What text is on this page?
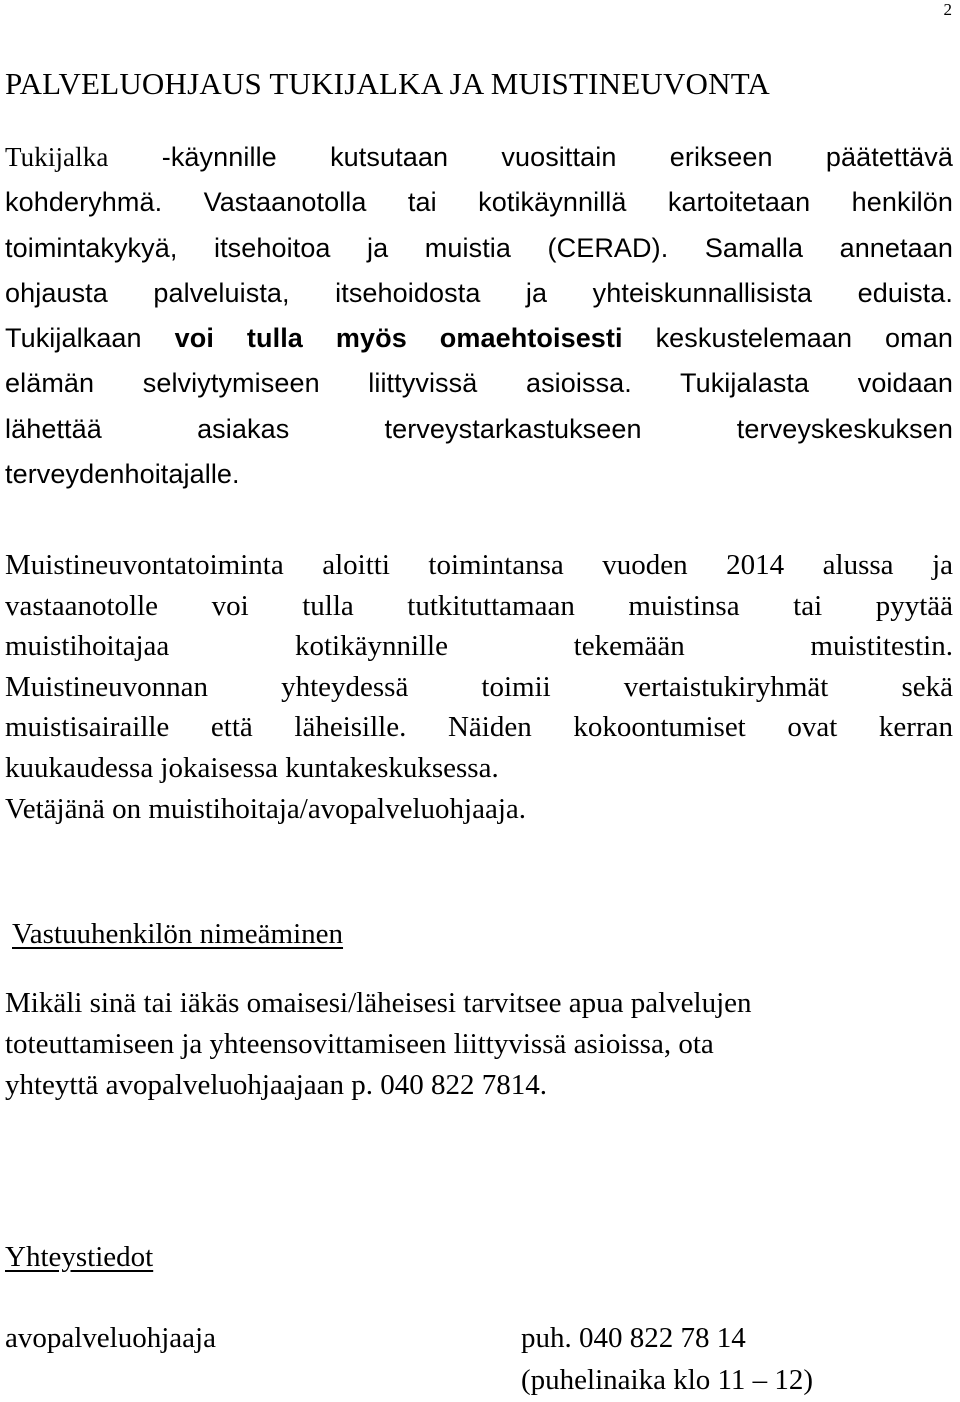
2
PALVELUOHJAUS TUKIJALKA JA MUISTINEUVONTA
Tukijalka -käynnille kutsutaan vuosittain erikseen päätettävä
kohderyhmä. Vastaanotolla tai kotikäynnillä kartoitetaan henkilön
toimintakykyä, itsehoitoa ja muistia (CERAD). Samalla annetaan
ohjausta palveluista, itsehoidosta ja yhteiskunnallisista eduista.
Tukijalkaan voi tulla myös omaehtoisesti keskustelemaan oman
elämän selviytymiseen liittyvissä asioissa. Tukijalasta voidaan
lähettää asiakas terveystarkastukseen terveyskeskuksen
terveydenhoitajalle.
Muistineuvontatoiminta aloitti toimintansa vuoden 2014 alussa ja
vastaanotolle voi tulla tutkituttamaan muistinsa tai pyytää
muistihoitajaa kotikäynnille tekemään muistitestin.
Muistineuvonnan yhteydessä toimii vertaistukiryhmät sekä
muistisairaille että läheisille. Näiden kokoontumiset ovat kerran
kuukaudessa jokaisessa kuntakeskuksessa.
Vetäjänä on muistihoitaja/avopalveluohjaaja.
Vastuuhenkilön nimeäminen
Mikäli sinä tai iäkäs omaisesi/läheisesi tarvitsee apua palvelujen
toteuttamiseen ja yhteensovittamiseen liittyvissä asioissa, ota
yhteyttä avopalveluohjaajaan p. 040 822 7814.
Yhteystiedot
avopalveluohjaaja	puh. 040 822 78 14
(puhelinaika klo 11 – 12)
